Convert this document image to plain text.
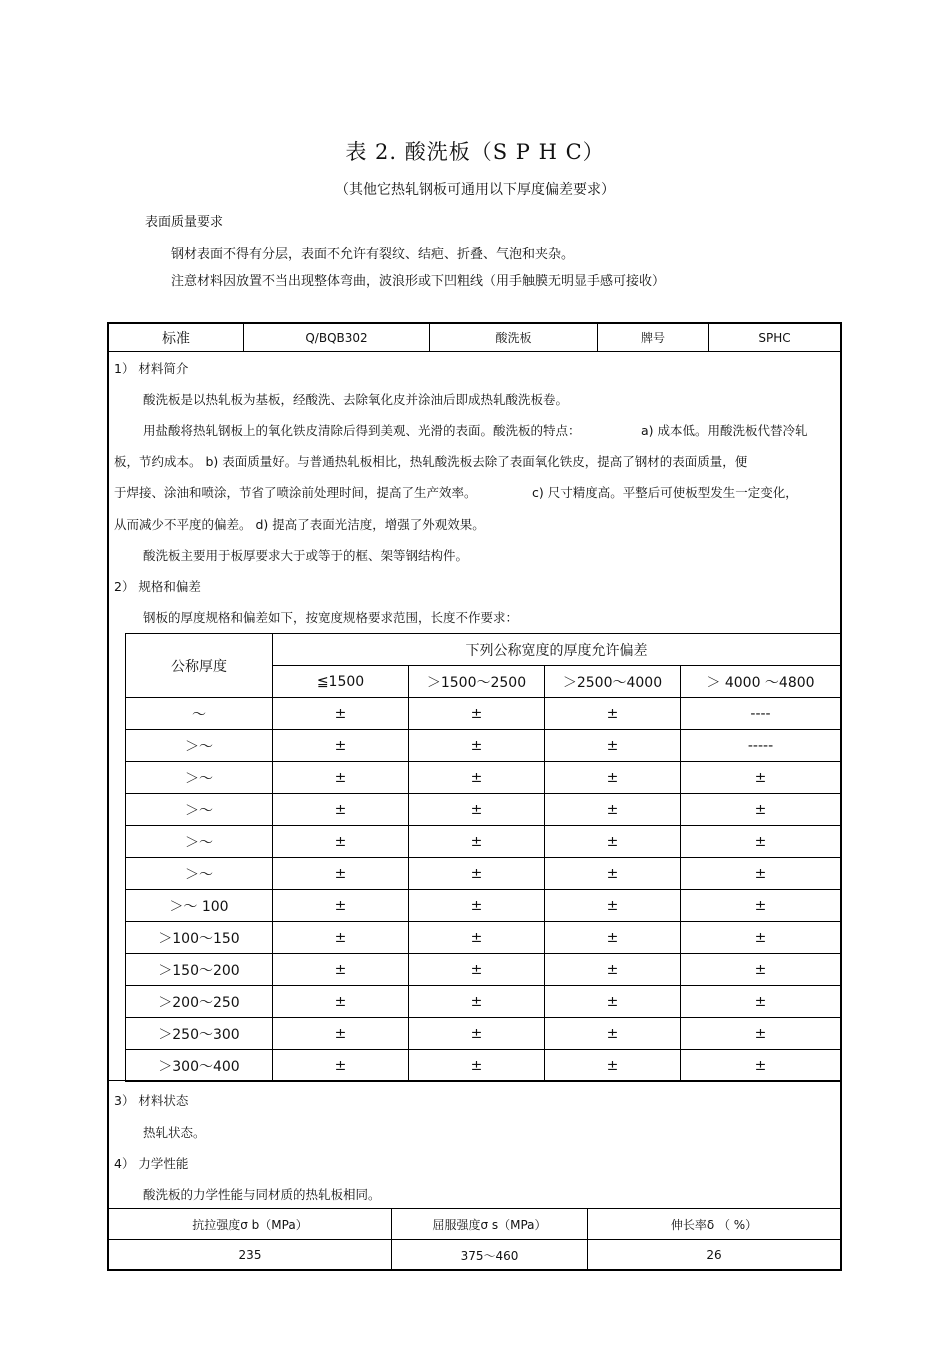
表 2. 酸洗板（S P H C）
（其他它热轧钢板可通用以下厚度偏差要求）
表面质量要求
钢材表面不得有分层，表面不允许有裂纹、结疤、折叠、气泡和夹杂。
注意材料因放置不当出现整体弯曲，波浪形或下凹粗线（用手触膜无明显手感可接收）
标准	Q/BQB302	酸洗板	牌号	SPHC
1） 材料简介
酸洗板是以热轧板为基板，经酸洗、去除氧化皮并涂油后即成热轧酸洗板卷。
用盐酸将热轧钢板上的氧化铁皮清除后得到美观、光滑的表面。酸洗板的特点：	a) 成本低。用酸洗板代替冷轧
板，节约成本。 b) 表面质量好。与普通热轧板相比，热轧酸洗板去除了表面氧化铁皮，提高了钢材的表面质量，便
于焊接、涂油和喷涂，节省了喷涂前处理时间，提高了生产效率。	c) 尺寸精度高。平整后可使板型发生一定变化，
从而减少不平度的偏差。 d) 提高了表面光洁度，增强了外观效果。
酸洗板主要用于板厚要求大于或等于的框、架等钢结构件。
2） 规格和偏差
钢板的厚度规格和偏差如下，按宽度规格要求范围，长度不作要求：
公称厚度	下列公称宽度的厚度允许偏差			
	≦1500	＞1500～2500	＞2500～4000	＞ 4000 ～4800
～	±	±	±	----
＞～	±	±	±	-----
＞～	±	±	±	±
＞～	±	±	±	±
＞～	±	±	±	±
＞～	±	±	±	±
＞～ 100	±	±	±	±
＞100～150	±	±	±	±
＞150～200	±	±	±	±
＞200～250	±	±	±	±
＞250～300	±	±	±	±
＞300～400	±	±	±	±
3） 材料状态
热轧状态。
4） 力学性能
酸洗板的力学性能与同材质的热轧板相同。
抗拉强度σ b（MPa）	屈服强度σ s（MPa）	伸长率δ （ %）
235	375～460	26
